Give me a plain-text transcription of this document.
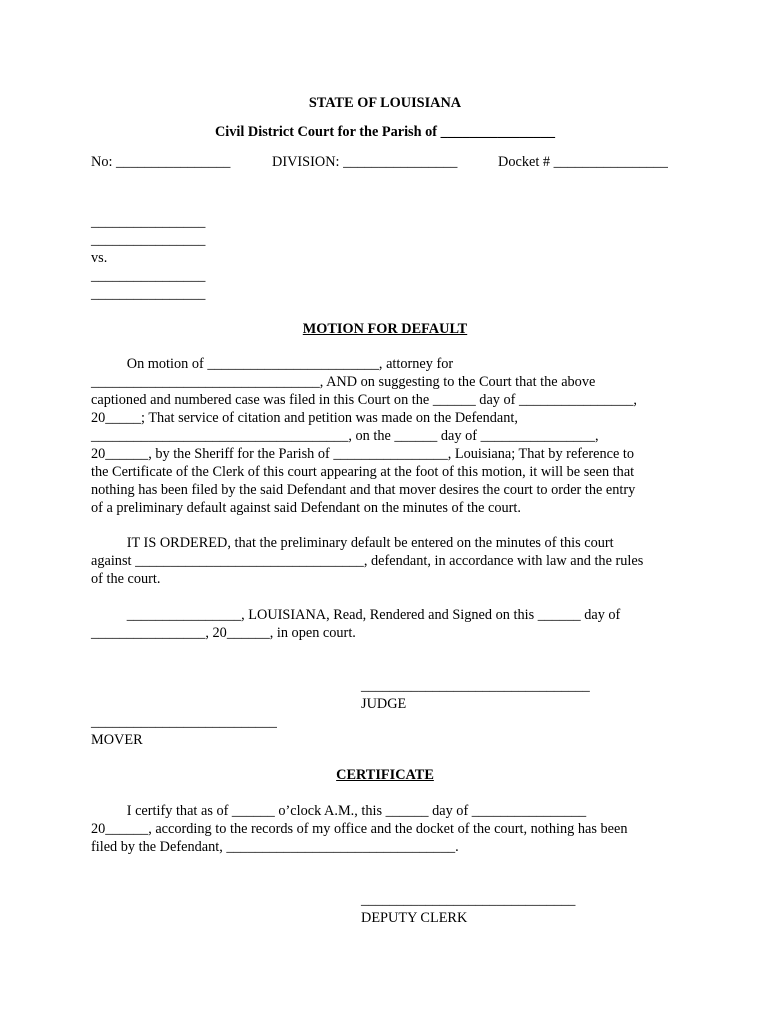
STATE OF LOUISIANA
Civil District Court for the Parish of ________________
No: ________________	DIVISION: ________________	Docket # ________________
________________
________________
vs.
________________
________________
MOTION FOR DEFAULT
On motion of ________________________, attorney for
________________________________, AND on suggesting to the Court that the above
captioned and numbered case was filed in this Court on the ______ day of ________________,
20_____; That service of citation and petition was made on the Defendant,
____________________________________, on the ______ day of ________________,
20______, by the Sheriff for the Parish of ________________, Louisiana; That by reference to
the Certificate of the Clerk of this court appearing at the foot of this motion, it will be seen that
nothing has been filed by the said Defendant and that mover desires the court to order the entry
of a preliminary default against said Defendant on the minutes of the court.
IT IS ORDERED, that the preliminary default be entered on the minutes of this court
against ________________________________, defendant, in accordance with law and the rules
of the court.
________________, LOUISIANA, Read, Rendered and Signed on this ______ day of
________________, 20______, in open court.
________________________________
JUDGE
__________________________
MOVER
CERTIFICATE
I certify that as of ______ o’clock A.M., this ______ day of ________________
20______, according to the records of my office and the docket of the court, nothing has been
filed by the Defendant, ________________________________.
______________________________
DEPUTY CLERK
